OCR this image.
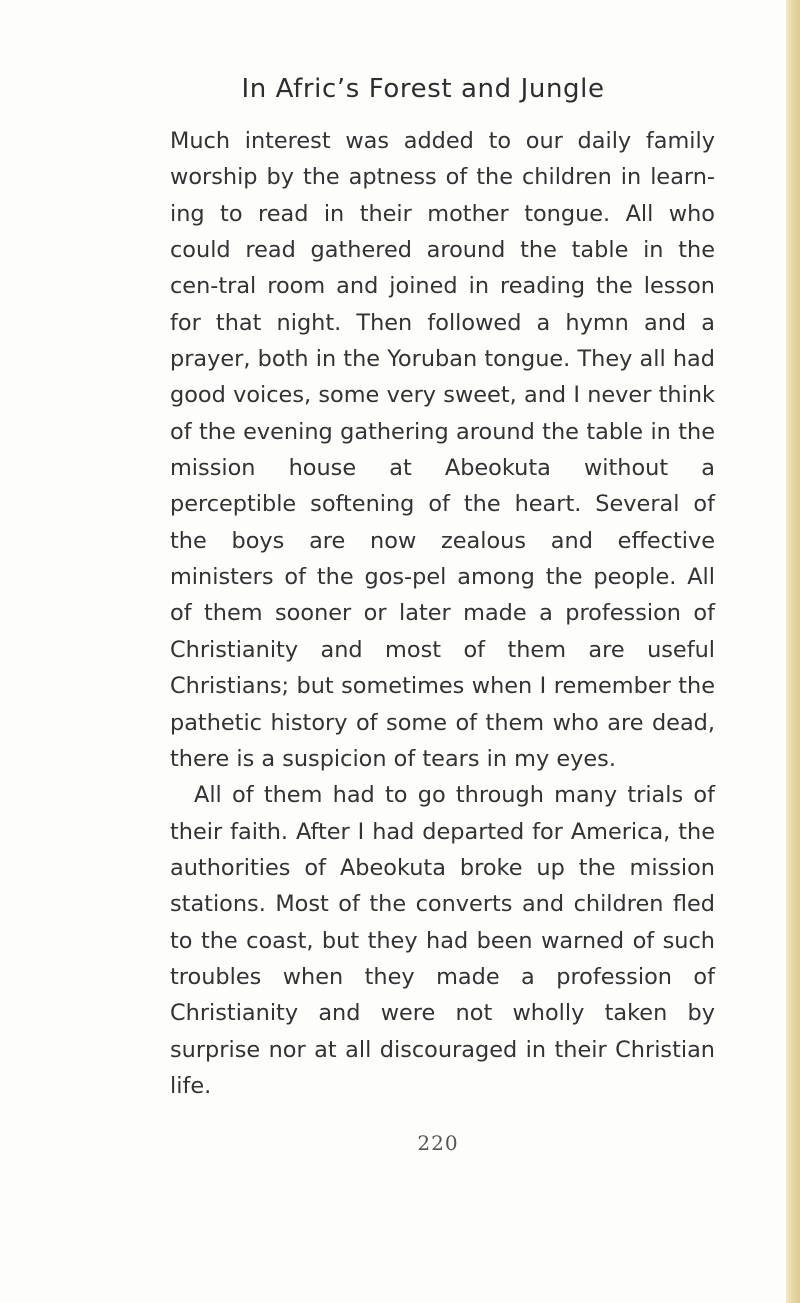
In Afric’s Forest and Jungle

Much interest was added to our daily family worship by the aptness of the children in learn-ing to read in their mother tongue. All who could read gathered around the table in the cen-tral room and joined in reading the lesson for that night. Then followed a hymn and a prayer, both in the Yoruban tongue. They all had good voices, some very sweet, and I never think of the evening gathering around the table in the mission house at Abeokuta without a perceptible softening of the heart. Several of the boys are now zealous and effective ministers of the gos-pel among the people. All of them sooner or later made a profession of Christianity and most of them are useful Christians; but sometimes when I remember the pathetic history of some of them who are dead, there is a suspicion of tears in my eyes.

All of them had to go through many trials of their faith. After I had departed for America, the authorities of Abeokuta broke up the mission stations. Most of the converts and children fled to the coast, but they had been warned of such troubles when they made a profession of Christianity and were not wholly taken by surprise nor at all discouraged in their Christian life.

220
